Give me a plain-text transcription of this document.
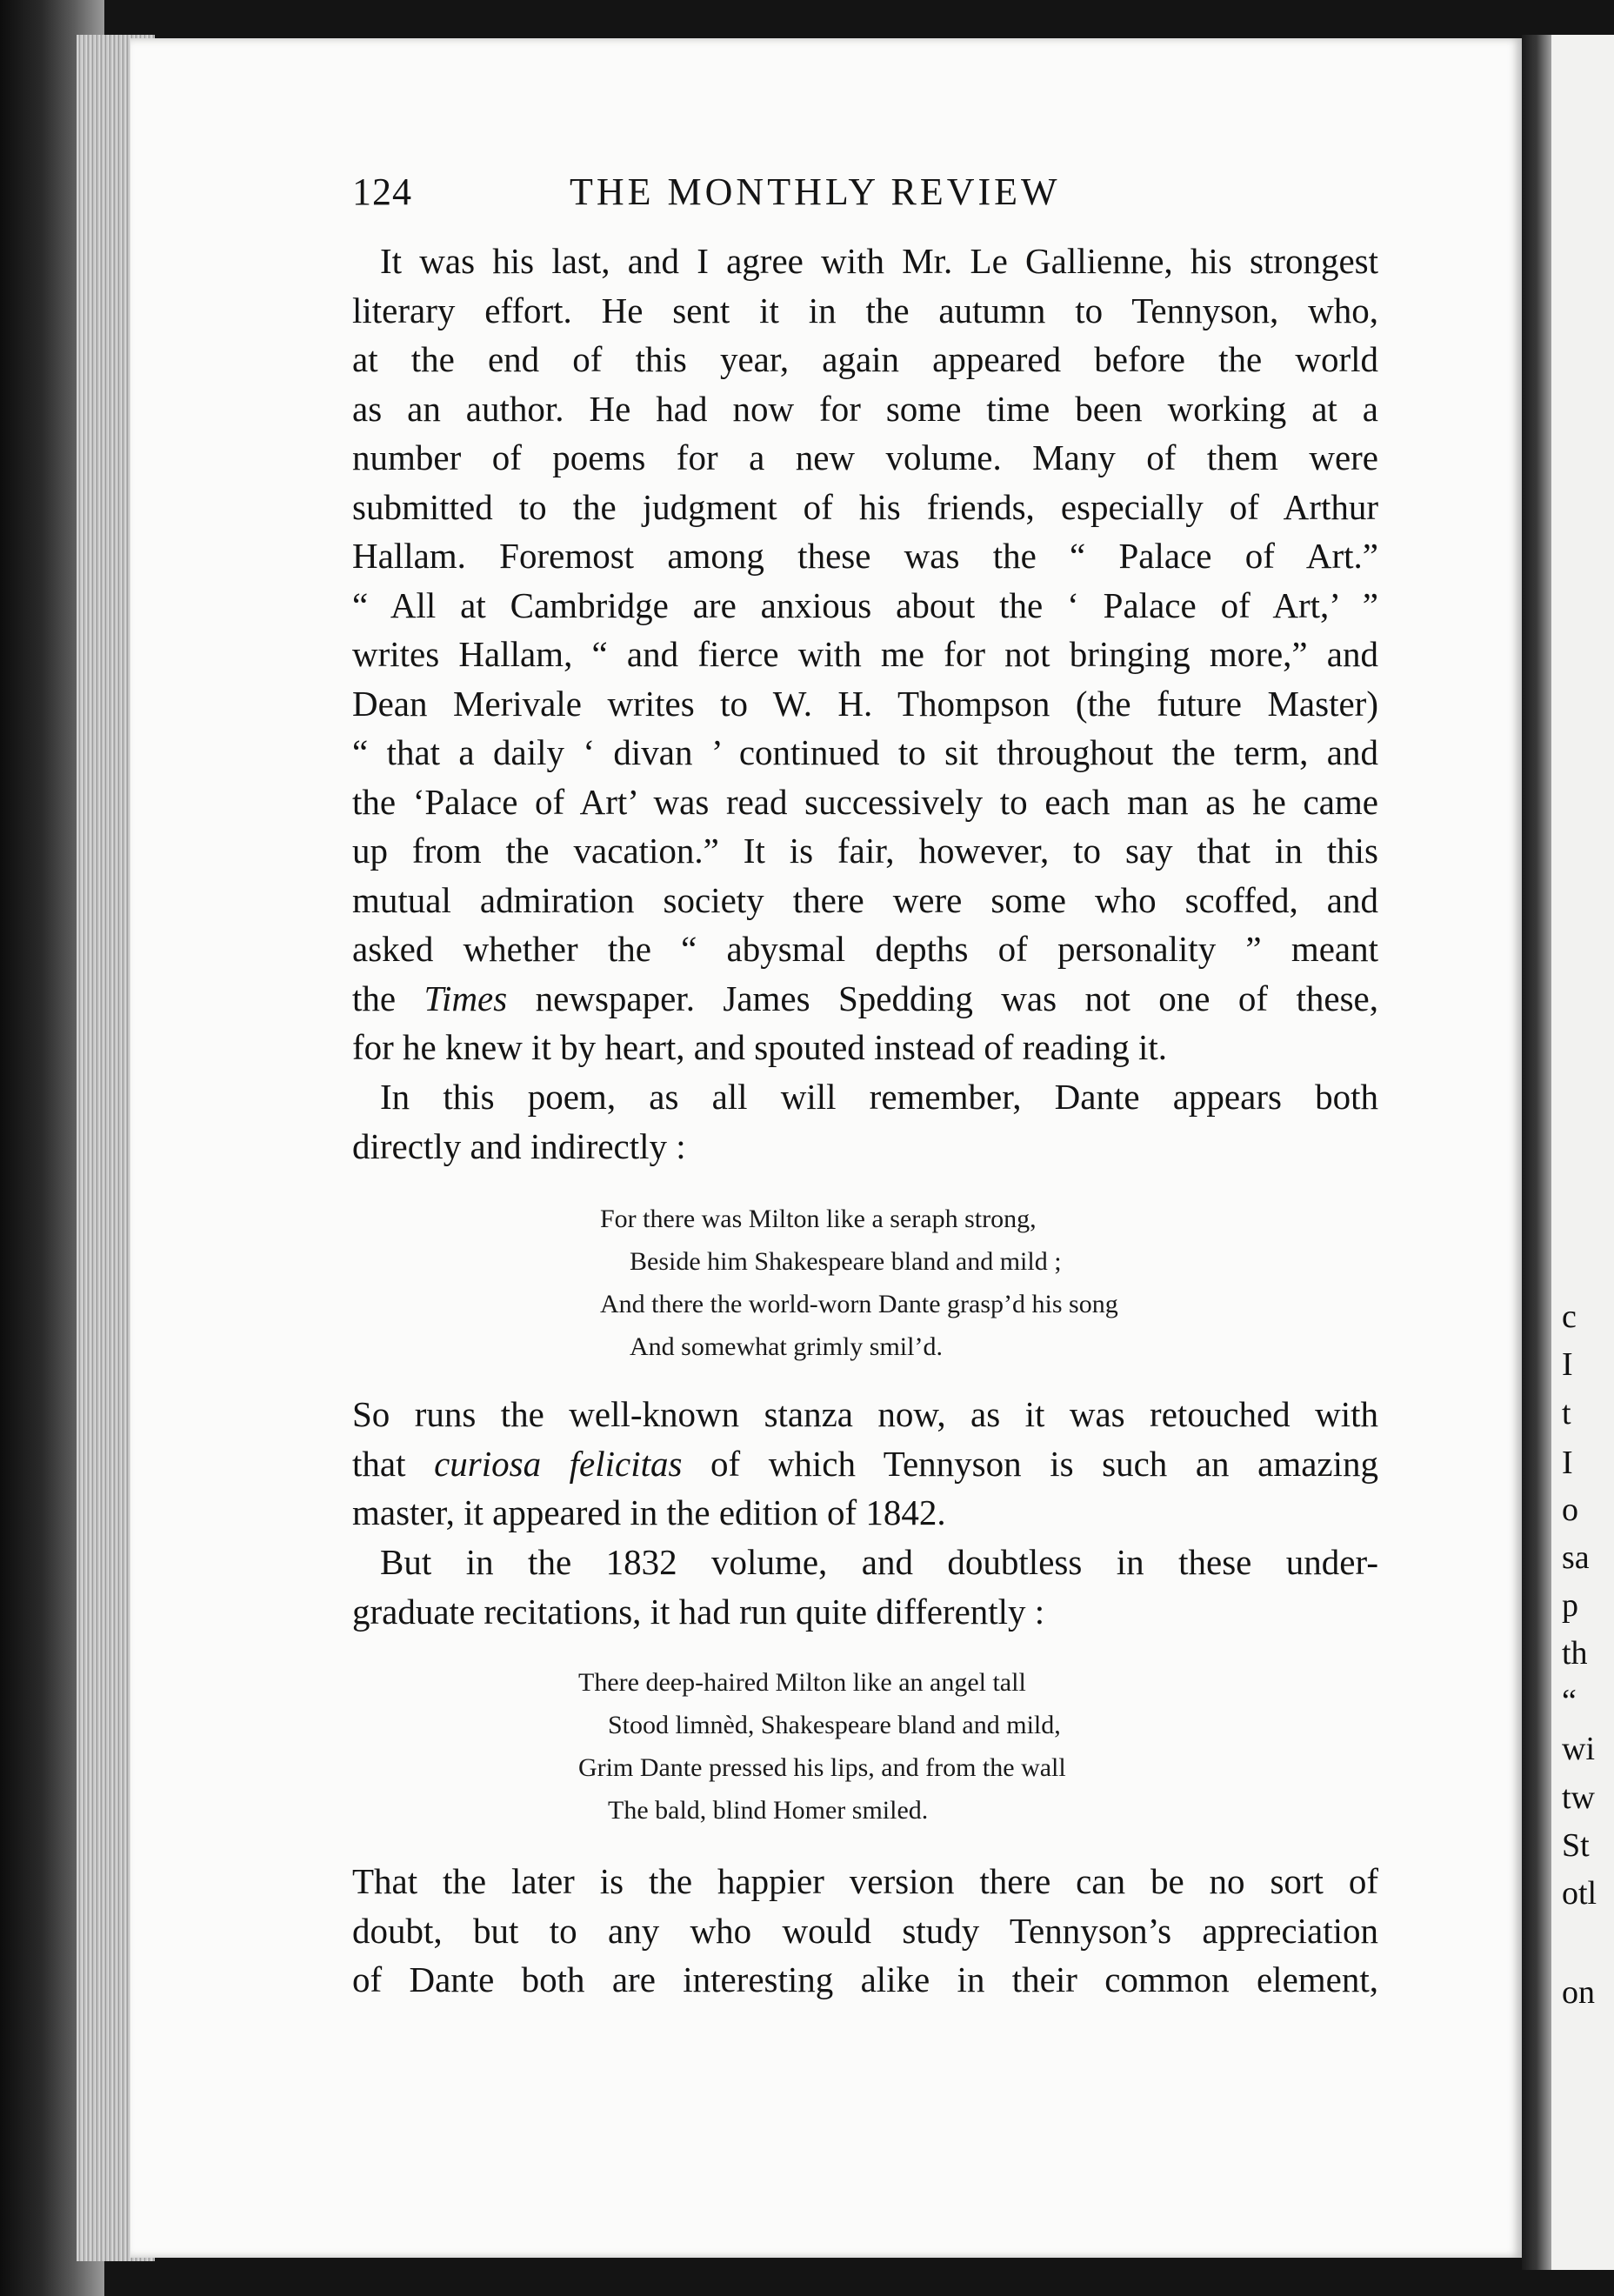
c
I
t
I
o
sa
p
th
“
wi
tw
St
otl
on
124	THE MONTHLY REVIEW
It was his last, and I agree with Mr. Le Gallienne, his strongest
literary effort. He sent it in the autumn to Tennyson, who,
at the end of this year, again appeared before the world
as an author. He had now for some time been working at a
number of poems for a new volume. Many of them were
submitted to the judgment of his friends, especially of Arthur
Hallam. Foremost among these was the “ Palace of Art.”
“ All at Cambridge are anxious about the ‘ Palace of Art,’ ”
writes Hallam, “ and fierce with me for not bringing more,” and
Dean Merivale writes to W. H. Thompson (the future Master)
“ that a daily ‘ divan ’ continued to sit throughout the term, and
the ‘Palace of Art’ was read successively to each man as he came
up from the vacation.” It is fair, however, to say that in this
mutual admiration society there were some who scoffed, and
asked whether the “ abysmal depths of personality ” meant
the Times newspaper. James Spedding was not one of these,
for he knew it by heart, and spouted instead of reading it.
In this poem, as all will remember, Dante appears both
directly and indirectly :
For there was Milton like a seraph strong,
Beside him Shakespeare bland and mild ;
And there the world-worn Dante grasp’d his song
And somewhat grimly smil’d.
So runs the well-known stanza now, as it was retouched with
that curiosa felicitas of which Tennyson is such an amazing
master, it appeared in the edition of 1842.
But in the 1832 volume, and doubtless in these under-
graduate recitations, it had run quite differently :
There deep-haired Milton like an angel tall
Stood limnèd, Shakespeare bland and mild,
Grim Dante pressed his lips, and from the wall
The bald, blind Homer smiled.
That the later is the happier version there can be no sort of
doubt, but to any who would study Tennyson’s appreciation
of Dante both are interesting alike in their common element,
